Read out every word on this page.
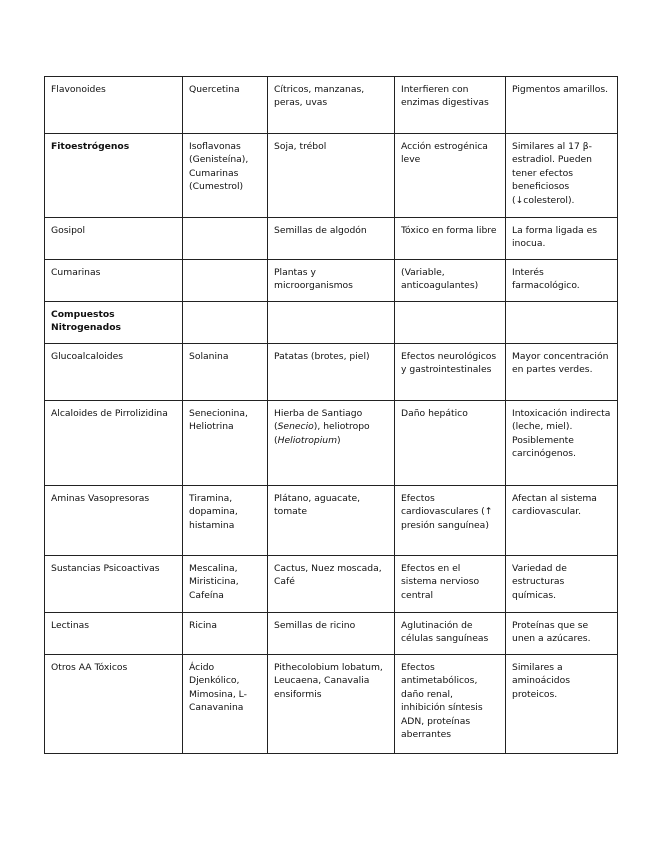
Flavonoides	Quercetina	Cítricos, manzanas, peras, uvas	Interfieren con enzimas digestivas	Pigmentos amarillos.
Fitoestrógenos	Isoflavonas (Genisteína), Cumarinas (Cumestrol)	Soja, trébol	Acción estrogénica leve	Similares al 17 β-estradiol. Pueden tener efectos beneficiosos (↓colesterol).
Gosipol		Semillas de algodón	Tóxico en forma libre	La forma ligada es inocua.
Cumarinas		Plantas y microorganismos	(Variable, anticoagulantes)	Interés farmacológico.
Compuestos Nitrogenados				
Glucoalcaloides	Solanina	Patatas (brotes, piel)	Efectos neurológicos y gastrointestinales	Mayor concentración en partes verdes.
Alcaloides de Pirrolizidina	Senecionina, Heliotrina	Hierba de Santiago (Senecio), heliotropo (Heliotropium)	Daño hepático	Intoxicación indirecta (leche, miel). Posiblemente carcinógenos.
Aminas Vasopresoras	Tiramina, dopamina, histamina	Plátano, aguacate, tomate	Efectos cardiovasculares (↑ presión sanguínea)	Afectan al sistema cardiovascular.
Sustancias Psicoactivas	Mescalina, Miristicina, Cafeína	Cactus, Nuez moscada, Café	Efectos en el sistema nervioso central	Variedad de estructuras químicas.
Lectinas	Ricina	Semillas de ricino	Aglutinación de células sanguíneas	Proteínas que se unen a azúcares.
Otros AA Tóxicos	Ácido Djenkólico, Mimosina, L-Canavanina	Pithecolobium lobatum, Leucaena, Canavalia ensiformis	Efectos antimetabólicos, daño renal, inhibición síntesis ADN, proteínas aberrantes	Similares a aminoácidos proteicos.
